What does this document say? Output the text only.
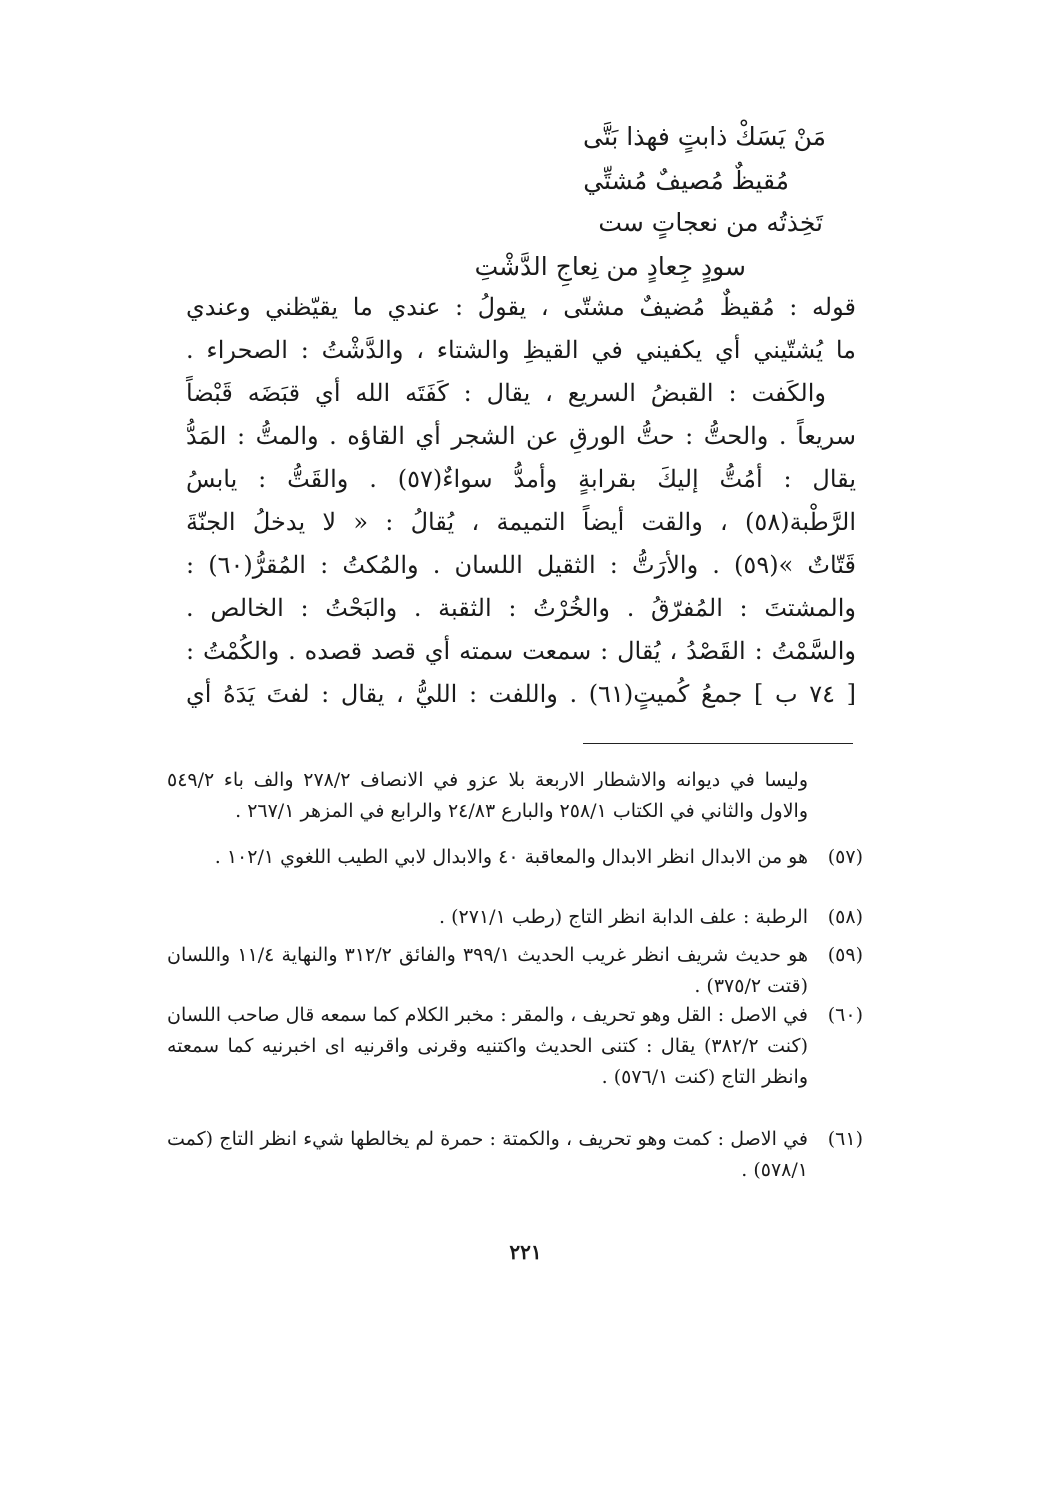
مَنْ يَسَكْ ذابتٍ فهذا بَتَّى
مُقيظٌ مُصيفٌ مُشتِّي
تَخِذتُه من نعجاتٍ ست
سودٍ جِعادٍ من نِعاجِ الدَّشْتِ
قوله : مُقيظٌ مُضيفٌ مشتّى ، يقولُ : عندي ما يقيّظني وعندي
ما يُشتّيني أي يكفيني في القيظِ والشتاء ، والدَّشْتُ : الصحراء .
والكَفت : القبضُ السريع ، يقال : كَفَتَه الله أي قبَضَه قَبْضاً
سريعاً . والحتُّ : حتُّ الورقِ عن الشجر أي القاؤه . والمتُّ : المَدُّ
يقال : أمُتُّ إليكَ بقرابةٍ وأمدُّ سواءٌ(٥٧) . والقَتُّ : يابسُ
الرَّطْبة(٥٨) ، والقت أيضاً التميمة ، يُقالُ : « لا يدخلُ الجنّةَ
قَتّاتٌ »(٥٩) . والأرَتُّ : الثقيل اللسان . والمُكتُ : المُقرُّ(٦٠) :
والمشتتَ : المُفرّقُ . والخُرْتُ : الثقبة . والبَحْتُ : الخالص .
والسَّمْتُ : القَصْدُ ، يُقال : سمعت سمته أي قصد قصده . والكُمْتُ :
[ ٧٤ ب ] جمعُ كُميتٍ(٦١) . واللفت : الليُّ ، يقال : لفتَ يَدَهُ أي
وليسا في ديوانه والاشطار الاربعة بلا عزو في الانصاف ٢٧٨/٢ والف باء ٥٤٩/٢ والاول والثاني في الكتاب ٢٥٨/١ والبارع ٢٤/٨٣ والرابع في المزهر ٢٦٧/١ .
(٥٧)
هو من الابدال انظر الابدال والمعاقبة ٤٠ والابدال لابي الطيب اللغوي ١٠٢/١ .
(٥٨)
الرطبة : علف الدابة انظر التاج (رطب ٢٧١/١) .
(٥٩)
هو حديث شريف انظر غريب الحديث ٣٩٩/١ والفائق ٣١٢/٢ والنهاية ١١/٤ واللسان (قتت ٣٧٥/٢) .
(٦٠)
في الاصل : القل وهو تحريف ، والمقر : مخبر الكلام كما سمعه قال صاحب اللسان (كنت ٣٨٢/٢) يقال : كتنى الحديث واكتنيه وقرنى واقرنيه اى اخبرنيه كما سمعته وانظر التاج (كنت ٥٧٦/١) .
(٦١)
في الاصل : كمت وهو تحريف ، والكمتة : حمرة لم يخالطها شيء انظر التاج (كمت ٥٧٨/١) .
٢٢١
